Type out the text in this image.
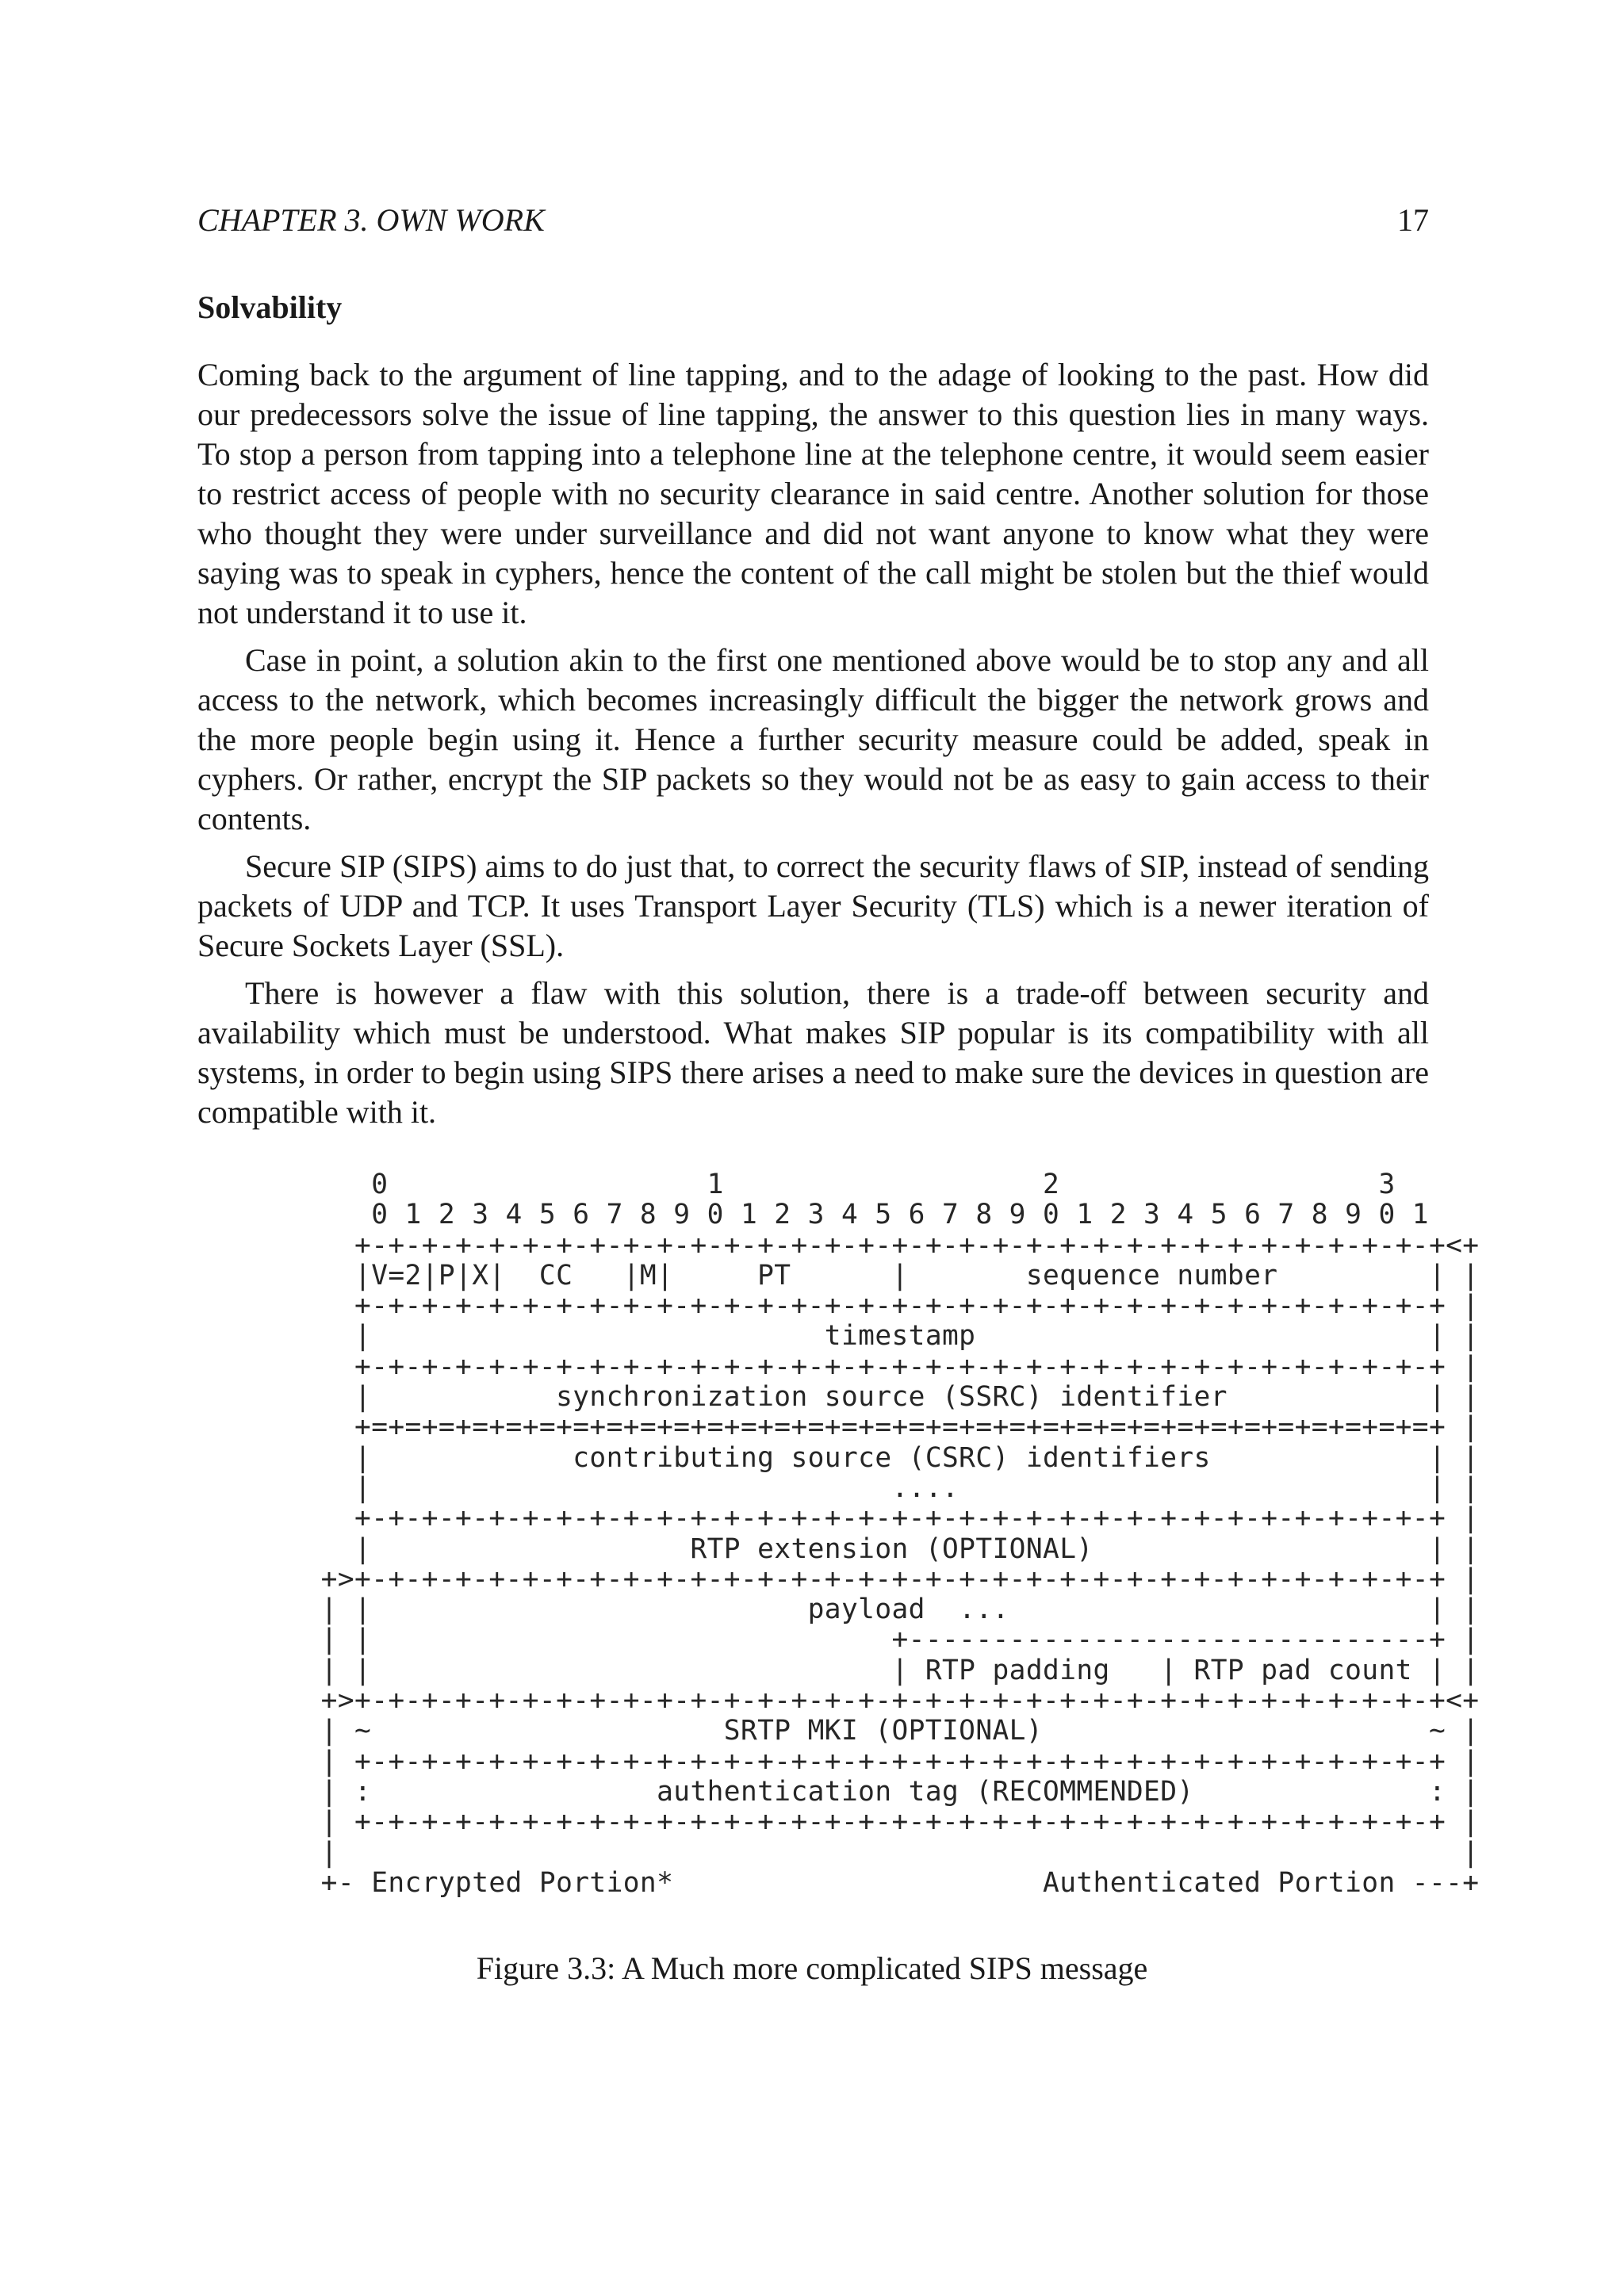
CHAPTER 3. OWN WORK	17
Solvability

Coming back to the argument of line tapping, and to the adage of looking to the past. How did our predecessors solve the issue of line tapping, the answer to this question lies in many ways. To stop a person from tapping into a telephone line at the telephone centre, it would seem easier to restrict access of people with no security clearance in said centre. Another solution for those who thought they were under surveillance and did not want anyone to know what they were saying was to speak in cyphers, hence the content of the call might be stolen but the thief would not understand it to use it.

Case in point, a solution akin to the first one mentioned above would be to stop any and all access to the network, which becomes increasingly difficult the bigger the network grows and the more people begin using it. Hence a further security measure could be added, speak in cyphers. Or rather, encrypt the SIP packets so they would not be as easy to gain access to their contents.

Secure SIP (SIPS) aims to do just that, to correct the security flaws of SIP, instead of sending packets of UDP and TCP. It uses Transport Layer Security (TLS) which is a newer iteration of Secure Sockets Layer (SSL).

There is however a flaw with this solution, there is a trade-off between security and availability which must be understood. What makes SIP popular is its compatibility with all systems, in order to begin using SIPS there arises a need to make sure the devices in question are compatible with it.

0                   1                   2                   3
0 1 2 3 4 5 6 7 8 9 0 1 2 3 4 5 6 7 8 9 0 1 2 3 4 5 6 7 8 9 0 1
+-+-+-+-+-+-+-+-+-+-+-+-+-+-+-+-+-+-+-+-+-+-+-+-+-+-+-+-+-+-+-+-+<+
|V=2|P|X|  CC   |M|     PT      |       sequence number         | |
+-+-+-+-+-+-+-+-+-+-+-+-+-+-+-+-+-+-+-+-+-+-+-+-+-+-+-+-+-+-+-+-+ |
|                           timestamp                           | |
+-+-+-+-+-+-+-+-+-+-+-+-+-+-+-+-+-+-+-+-+-+-+-+-+-+-+-+-+-+-+-+-+ |
|           synchronization source (SSRC) identifier            | |
+=+=+=+=+=+=+=+=+=+=+=+=+=+=+=+=+=+=+=+=+=+=+=+=+=+=+=+=+=+=+=+=+ |
|            contributing source (CSRC) identifiers             | |
|                               ....                            | |
+-+-+-+-+-+-+-+-+-+-+-+-+-+-+-+-+-+-+-+-+-+-+-+-+-+-+-+-+-+-+-+-+ |
|                   RTP extension (OPTIONAL)                    | |
+>+-+-+-+-+-+-+-+-+-+-+-+-+-+-+-+-+-+-+-+-+-+-+-+-+-+-+-+-+-+-+-+-+ |
| |                          payload  ...                         | |
| |                               +-------------------------------+ |
| |                               | RTP padding   | RTP pad count | |
+>+-+-+-+-+-+-+-+-+-+-+-+-+-+-+-+-+-+-+-+-+-+-+-+-+-+-+-+-+-+-+-+-+<+
| ~                     SRTP MKI (OPTIONAL)                       ~ |
| +-+-+-+-+-+-+-+-+-+-+-+-+-+-+-+-+-+-+-+-+-+-+-+-+-+-+-+-+-+-+-+-+ |
| :                 authentication tag (RECOMMENDED)              : |
| +-+-+-+-+-+-+-+-+-+-+-+-+-+-+-+-+-+-+-+-+-+-+-+-+-+-+-+-+-+-+-+-+ |
|                                                                   |
+- Encrypted Portion*                      Authenticated Portion ---+
Figure 3.3: A Much more complicated SIPS message
